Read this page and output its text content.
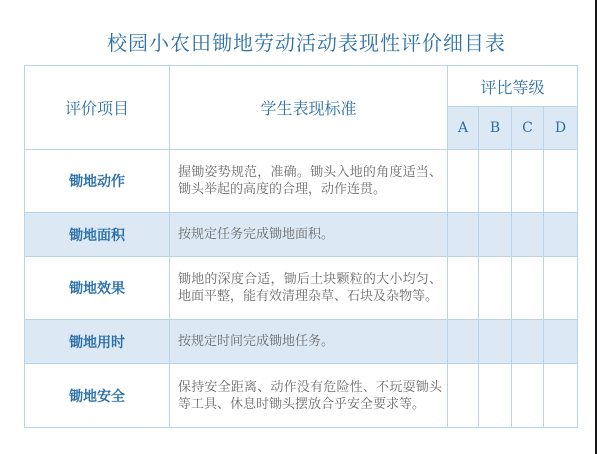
校园小农田锄地劳动活动表现性评价细目表
评价项目	学生表现标准	评比等级			
		A	B	C	D
锄地动作	握锄姿势规范，准确。锄头入地的角度适当、锄头举起的高度的合理，动作连贯。				
锄地面积	按规定任务完成锄地面积。				
锄地效果	锄地的深度合适，锄后土块颗粒的大小均匀、地面平整，能有效清理杂草、石块及杂物等。				
锄地用时	按规定时间完成锄地任务。				
锄地安全	保持安全距离、动作没有危险性、不玩耍锄头等工具、休息时锄头摆放合乎安全要求等。				
